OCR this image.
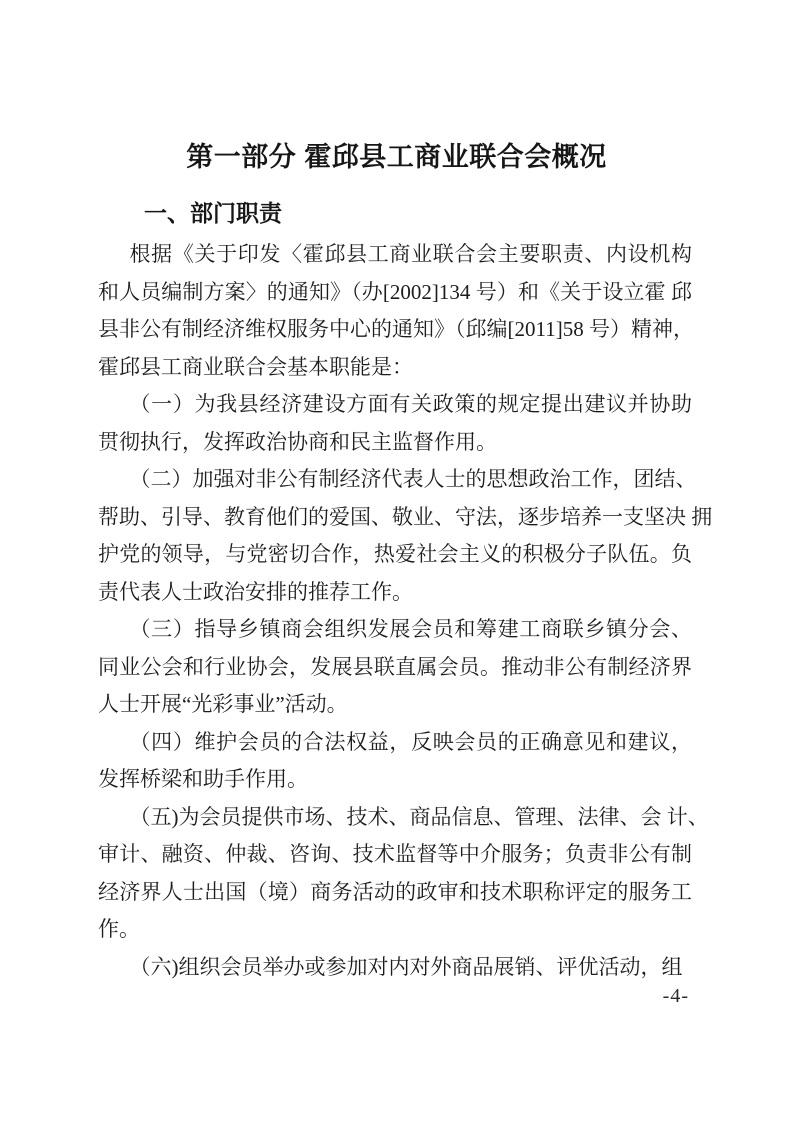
第一部分 霍邱县工商业联合会概况
一、部门职责
根据《关于印发〈霍邱县工商业联合会主要职责、内设机构
和人员编制方案〉的通知》（办[2002]134 号）和《关于设立霍 邱
县非公有制经济维权服务中心的通知》（邱编[2011]58 号）精神，
霍邱县工商业联合会基本职能是：
（一）为我县经济建设方面有关政策的规定提出建议并协助
贯彻执行，发挥政治协商和民主监督作用。
（二）加强对非公有制经济代表人士的思想政治工作，团结、
帮助、引导、教育他们的爱国、敬业、守法，逐步培养一支坚决 拥
护党的领导，与党密切合作，热爱社会主义的积极分子队伍。负
责代表人士政治安排的推荐工作。
（三）指导乡镇商会组织发展会员和筹建工商联乡镇分会、
同业公会和行业协会，发展县联直属会员。推动非公有制经济界
人士开展“光彩事业”活动。
（四）维护会员的合法权益，反映会员的正确意见和建议，
发挥桥梁和助手作用。
（五)为会员提供市场、技术、商品信息、管理、法律、会 计、
审计、融资、仲裁、咨询、技术监督等中介服务；负责非公有制
经济界人士出国（境）商务活动的政审和技术职称评定的服务工
作。
（六)组织会员举办或参加对内对外商品展销、评优活动，组
-4-
